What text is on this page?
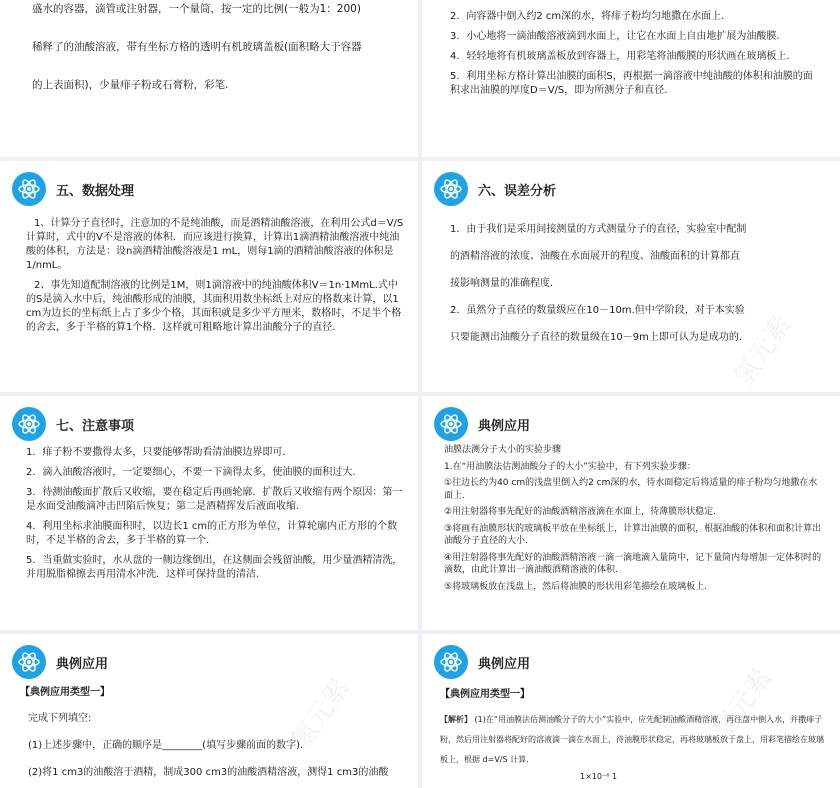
盛水的容器，滴管或注射器，一个量筒，按一定的比例(一般为1：200)

稀释了的油酸溶液，带有坐标方格的透明有机玻璃盖板(面积略大于容器

的上表面积)，少量痱子粉或石膏粉，彩笔.

2．向容器中倒入约2 cm深的水，将痱子粉均匀地撒在水面上.

3．小心地将一滴油酸溶液滴到水面上，让它在水面上自由地扩展为油酸膜.

4．轻轻地将有机玻璃盖板放到容器上，用彩笔将油酸膜的形状画在玻璃板上.

5．利用坐标方格计算出油膜的面积S，再根据一滴溶液中纯油酸的体积和油膜的面积求出油膜的厚度D＝V/S，即为所测分子和直径.

五、数据处理

1、计算分子直径时，注意加的不是纯油酸，而是酒精油酸溶液，在利用公式d＝V/S计算时，式中的V不是溶液的体积．而应该进行换算，计算出1滴酒精油酸溶液中纯油酸的体积，方法是：设n滴酒精油酸溶液是1 mL，则每1滴的酒精油酸溶液的体积是1/nmL。

2、事先知道配制溶液的比例是1M，则1滴溶液中的纯油酸体积V＝1n·1MmL.式中的S是滴入水中后，纯油酸形成的油膜，其面积用数坐标纸上对应的格数来计算，以1 cm为边长的坐标纸上占了多少个格，其面积就是多少平方厘米，数格时，不足半个格的舍去，多于半格的算1个格．这样就可粗略地计算出油酸分子的直径.

六、误差分析

1．由于我们是采用间接测量的方式测量分子的直径，实验室中配制

的酒精溶液的浓度、油酸在水面展开的程度、油酸面积的计算都直

接影响测量的准确程度.

2．虽然分子直径的数量级应在10－10m.但中学阶段，对于本实验

只要能测出油酸分子直径的数量级在10－9m上即可认为是成功的.

氢元素
七、注意事项

1．痱子粉不要撒得太多，只要能够帮助看清油膜边界即可.

2．滴入油酸溶液时，一定要细心，不要一下滴得太多，使油膜的面积过大.

3．待测油酸面扩散后又收缩，要在稳定后再画轮廓．扩散后又收缩有两个原因：第一是水面受油酸滴冲击凹陷后恢复；第二是酒精挥发后液面收缩.

4．利用坐标求油膜面积时，以边长1 cm的正方形为单位，计算轮廓内正方形的个数时，不足半格的舍去，多于半格的算一个.

5．当重做实验时，水从盘的一侧边缘倒出，在这侧面会残留油酸，用少量酒精清洗，并用脱脂棉擦去再用清水冲洗．这样可保持盘的清洁.

典例应用

油膜法测分子大小的实验步骤

1.在“用油膜法估测油酸分子的大小”实验中，有下列实验步骤：

①往边长约为40 cm的浅盘里倒入约2 cm深的水，待水面稳定后将适量的痱子粉均匀地撒在水面上.

②用注射器将事先配好的油酸酒精溶液滴在水面上，待薄膜形状稳定.

③将画有油膜形状的玻璃板平放在坐标纸上，计算出油膜的面积，根据油酸的体积和面积计算出油酸分子直径的大小.

④用注射器将事先配好的油酸酒精溶液一滴一滴地滴入量筒中，记下量筒内每增加一定体积时的滴数，由此计算出一滴油酸酒精溶液的体积.

⑤将玻璃板放在浅盘上，然后将油膜的形状用彩笔描绘在玻璃板上.

典例应用

【典例应用类型一】

完成下列填空:

(1)上述步骤中，正确的顺序是________(填写步骤前面的数字).

(2)将1 cm3的油酸溶于酒精，制成300 cm3的油酸酒精溶液，测得1 cm3的油酸

氢元素
典例应用

【典例应用类型一】

【解析】 (1)在“用油膜法估测油酸分子的大小”实验中，应先配制油酸酒精溶液，再往盘中倒入水，并撒痱子粉，然后用注射器将配好的溶液滴一滴在水面上，待油膜形状稳定，再将玻璃板放于盘上，用彩笔描绘在玻璃板上，根据 d=V/S 计算.

1×10⁻⁶ 1

氢元素
